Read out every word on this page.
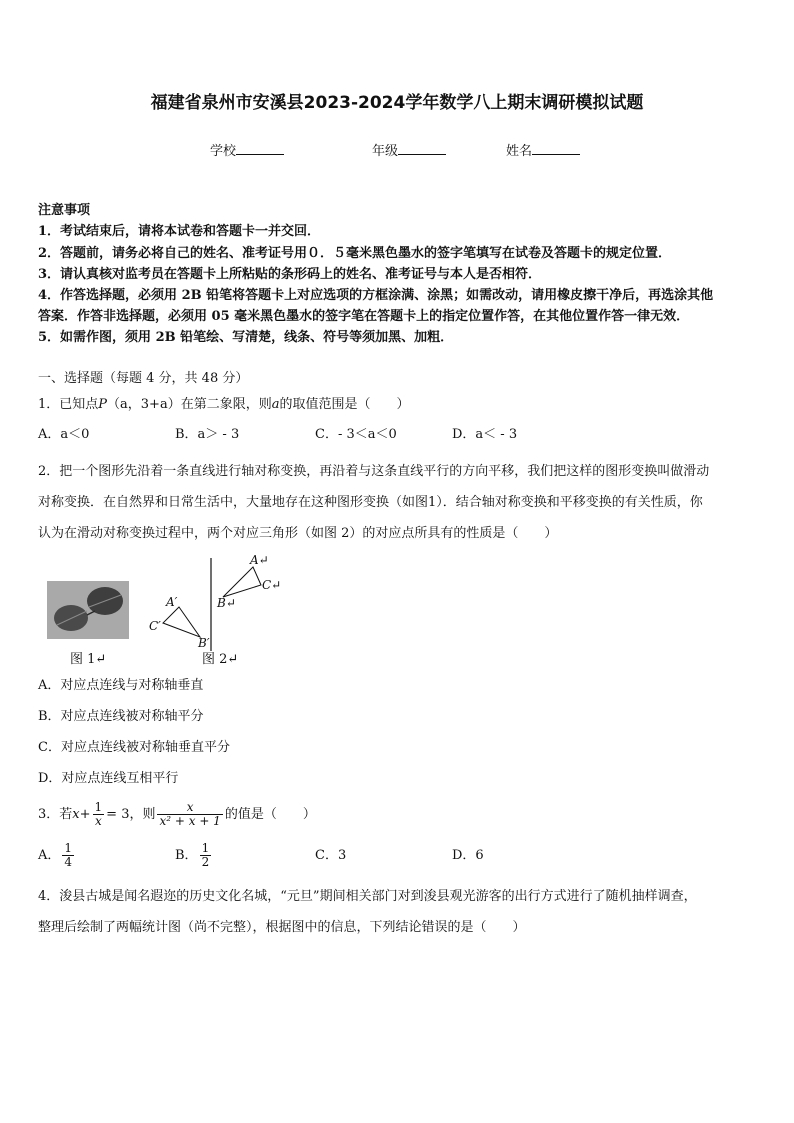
福建省泉州市安溪县2023-2024学年数学八上期末调研模拟试题
学校	年级	姓名
注意事项
1．考试结束后，请将本试卷和答题卡一并交回．
2．答题前，请务必将自己的姓名、准考证号用０．５毫米黑色墨水的签字笔填写在试卷及答题卡的规定位置．
3．请认真核对监考员在答题卡上所粘贴的条形码上的姓名、准考证号与本人是否相符．
4．作答选择题，必须用 2B 铅笔将答题卡上对应选项的方框涂满、涂黑；如需改动，请用橡皮擦干净后，再选涂其他
答案．作答非选择题，必须用 05 毫米黑色墨水的签字笔在答题卡上的指定位置作答，在其他位置作答一律无效．
5．如需作图，须用 2B 铅笔绘、写清楚，线条、符号等须加黑、加粗．
一、选择题（每题 4 分，共 48 分）
1．已知点P（a，3+a）在第二象限，则a的取值范围是（　　）
A．a＜0	B．a＞ - 3	C．- 3＜a＜0	D．a＜ - 3
2．把一个图形先沿着一条直线进行轴对称变换，再沿着与这条直线平行的方向平移，我们把这样的图形变换叫做滑动
对称变换．在自然界和日常生活中，大量地存在这种图形变换（如图1）．结合轴对称变换和平移变换的有关性质，你
认为在滑动对称变换过程中，两个对应三角形（如图 2）的对应点所具有的性质是（　　）
图 1↵
A↵
C↵
B↵
A′
C′
B′
图 2↵
A．对应点连线与对称轴垂直
B．对应点连线被对称轴平分
C．对应点连线被对称轴垂直平分
D．对应点连线互相平行
3．若$x+ \frac{1}{x} = 3$，则 $\frac{x}{\text{x² + x + 1}}$ 的值是（　　）
A． $\frac{1}{4}$	B． $\frac{1}{2}$	C．3	D．6
4．浚县古城是闻名遐迩的历史文化名城，“元旦”期间相关部门对到浚县观光游客的出行方式进行了随机抽样调查，
整理后绘制了两幅统计图（尚不完整），根据图中的信息，下列结论错误的是（　　）
